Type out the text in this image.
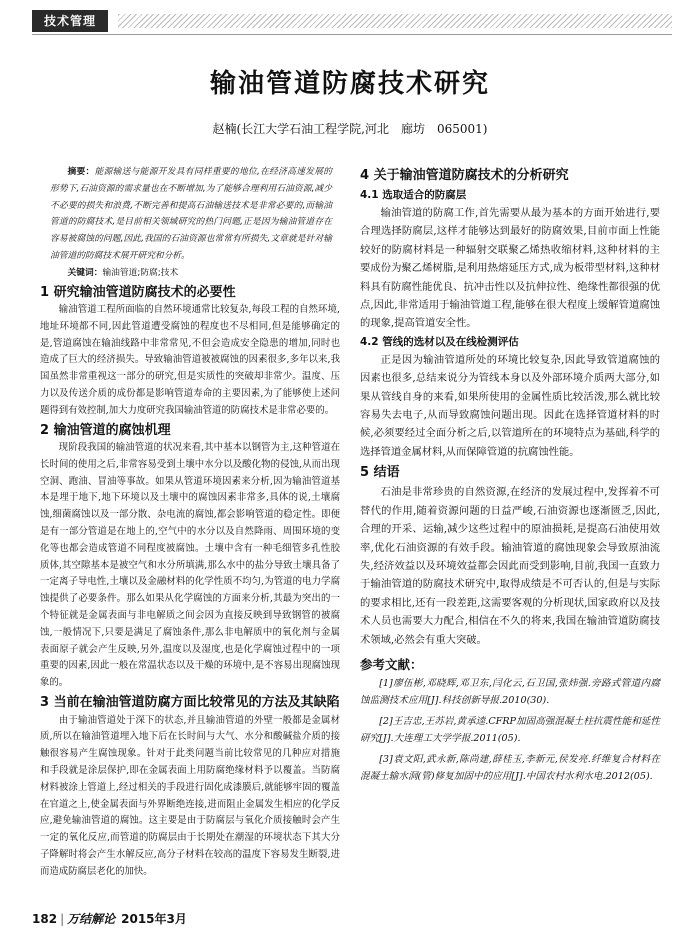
技术管理
输油管道防腐技术研究
赵楠(长江大学石油工程学院,河北　廊坊　065001)

摘要：能源输送与能源开发具有同样重要的地位,在经济高速发展的形势下,石油资源的需求量也在不断增加,为了能够合理利用石油资源,减少不必要的损失和浪费,不断完善和提高石油输送技术是非常必要的,而输油管道的防腐技术,是目前相关领域研究的热门问题,正是因为输油管道存在容易被腐蚀的问题,因此,我国的石油资源也常常有所损失,文章就是针对输油管道的防腐技术展开研究和分析。

关键词：输油管道;防腐;技术

1 研究输油管道防腐技术的必要性

输油管道工程所面临的自然环境通常比较复杂,每段工程的自然环境,地址环境都不同,因此管道遭受腐蚀的程度也不尽相同,但是能够确定的是,管道腐蚀在输油线路中非常常见,不但会造成安全隐患的增加,同时也造成了巨大的经济损失。导致输油管道被被腐蚀的因素很多,多年以来,我国虽然非常重视这一部分的研究,但是实质性的突破却非常少。温度、压力以及传送介质的成份都是影响管道寿命的主要因素,为了能够使上述问题得到有效控制,加大力度研究我国输油管道的防腐技术是非常必要的。

2 输油管道的腐蚀机理

现阶段我国的输油管道的状况来看,其中基本以钢管为主,这种管道在长时间的使用之后,非常容易受到土壤中水分以及酸化物的侵蚀,从而出现空洞、跑油、冒油等事故。如果从管道环境因素来分析,因为输油管道基本是埋于地下,地下环境以及土壤中的腐蚀因素非常多,具体的说,土壤腐蚀,细菌腐蚀以及一部分散、杂电流的腐蚀,都会影响管道的稳定性。即便是有一部分管道是在地上的,空气中的水分以及自然降雨、周围环境的变化等也都会造成管道不同程度被腐蚀。土壤中含有一种毛细管多孔性胶质体,其空隙基本是被空气和水分所填满,那么水中的盐分导致土壤具备了一定离子导电性,土壤以及金融材料的化学性质不均匀,为管道的电力学腐蚀提供了必要条件。那么如果从化学腐蚀的方面来分析,其最为突出的一个特征就是金属表面与非电解质之间会因为直接反映到导致钢管的被腐蚀,一般情况下,只要是满足了腐蚀条件,那么非电解质中的氧化剂与金属表面原子就会产生反映,另外,温度以及湿度,也是化学腐蚀过程中的一项重要的因素,因此一般在常温状态以及干燥的环境中,是不容易出现腐蚀现象的。

3 当前在输油管道防腐方面比较常见的方法及其缺陷

由于输油管道处于深下的状态,并且输油管道的外壁一般都是金属材质,所以在输油管道埋入地下后在长时间与大气、水分和酸碱盐介质的接触很容易产生腐蚀现象。针对于此类问题当前比较常见的几种应对措施和手段就是涂层保护,即在金属表面上用防腐绝缘材料予以覆盖。当防腐材料被涂上管道上,经过相关的手段进行固化成漆膜后,就能够牢固的覆盖在官道之上,使金属表面与外界断绝连接,进而阻止金属发生相应的化学反应,避免输油管道的腐蚀。这主要是由于防腐层与氧化介质接触时会产生一定的氧化反应,而管道的防腐层由于长期处在潮湿的环境状态下其大分子降解时将会产生水解反应,高分子材料在较高的温度下容易发生断裂,进而造成防腐层老化的加快。

4 关于输油管道防腐技术的分析研究
4.1 选取适合的防腐层

输油管道的防腐工作,首先需要从最为基本的方面开始进行,要合理选择防腐层,这样才能够达到最好的防腐效果,目前市面上性能较好的防腐材料是一种辐射交联聚乙烯热收缩材料,这种材料的主要成份为聚乙烯树脂,是利用热熔延压方式,成为板带型材料,这种材料具有防腐性能优良、抗冲击性以及抗伸拉性、绝缘性都很强的优点,因此,非常适用于输油管道工程,能够在很大程度上缓解管道腐蚀的现象,提高管道安全性。

4.2 管线的选材以及在线检测评估

正是因为输油管道所处的环境比较复杂,因此导致管道腐蚀的因素也很多,总结来说分为管线本身以及外部环境介质两大部分,如果从管线自身的来看,如果所使用的金属性质比较活泼,那么就比较容易失去电子,从而导致腐蚀问题出现。因此在选择管道材料的时候,必须要经过全面分析之后,以管道所在的环境特点为基础,科学的选择管道金属材料,从而保障管道的抗腐蚀性能。

5 结语

石油是非常珍贵的自然资源,在经济的发展过程中,发挥着不可替代的作用,随着资源问题的日益严峻,石油资源也逐渐匮乏,因此,合理的开采、运输,减少这些过程中的原油损耗,是提高石油使用效率,优化石油资源的有效手段。输油管道的腐蚀现象会导致原油流失,经济效益以及环境效益都会因此而受到影响,目前,我国一直致力于输油管道的防腐技术研究中,取得成绩是不可否认的,但是与实际的要求相比,还有一段差距,这需要客观的分析现状,国家政府以及技术人员也需要大力配合,相信在不久的将来,我国在输油管道防腐技术领域,必然会有重大突破。

参考文献：

[1]廖伍彬,邓晓辉,邓卫东,闫化云,石卫国,张炜强.旁路式管道内腐蚀监测技术应用[J].科技创新导报.2010(30).

[2]王吉忠,王苏岩,黄承逵.CFRP加固高强混凝土柱抗震性能和延性研究[J].大连理工大学学报.2011(05).

[3]袁文阳,武永新,陈尚建,薛桂玉,李新元,侯发亮.纤维复合材料在混凝土输水洞(管)修复加固中的应用[J].中国农村水利水电.2012(05).

182 | 万结解论 2015年3月
